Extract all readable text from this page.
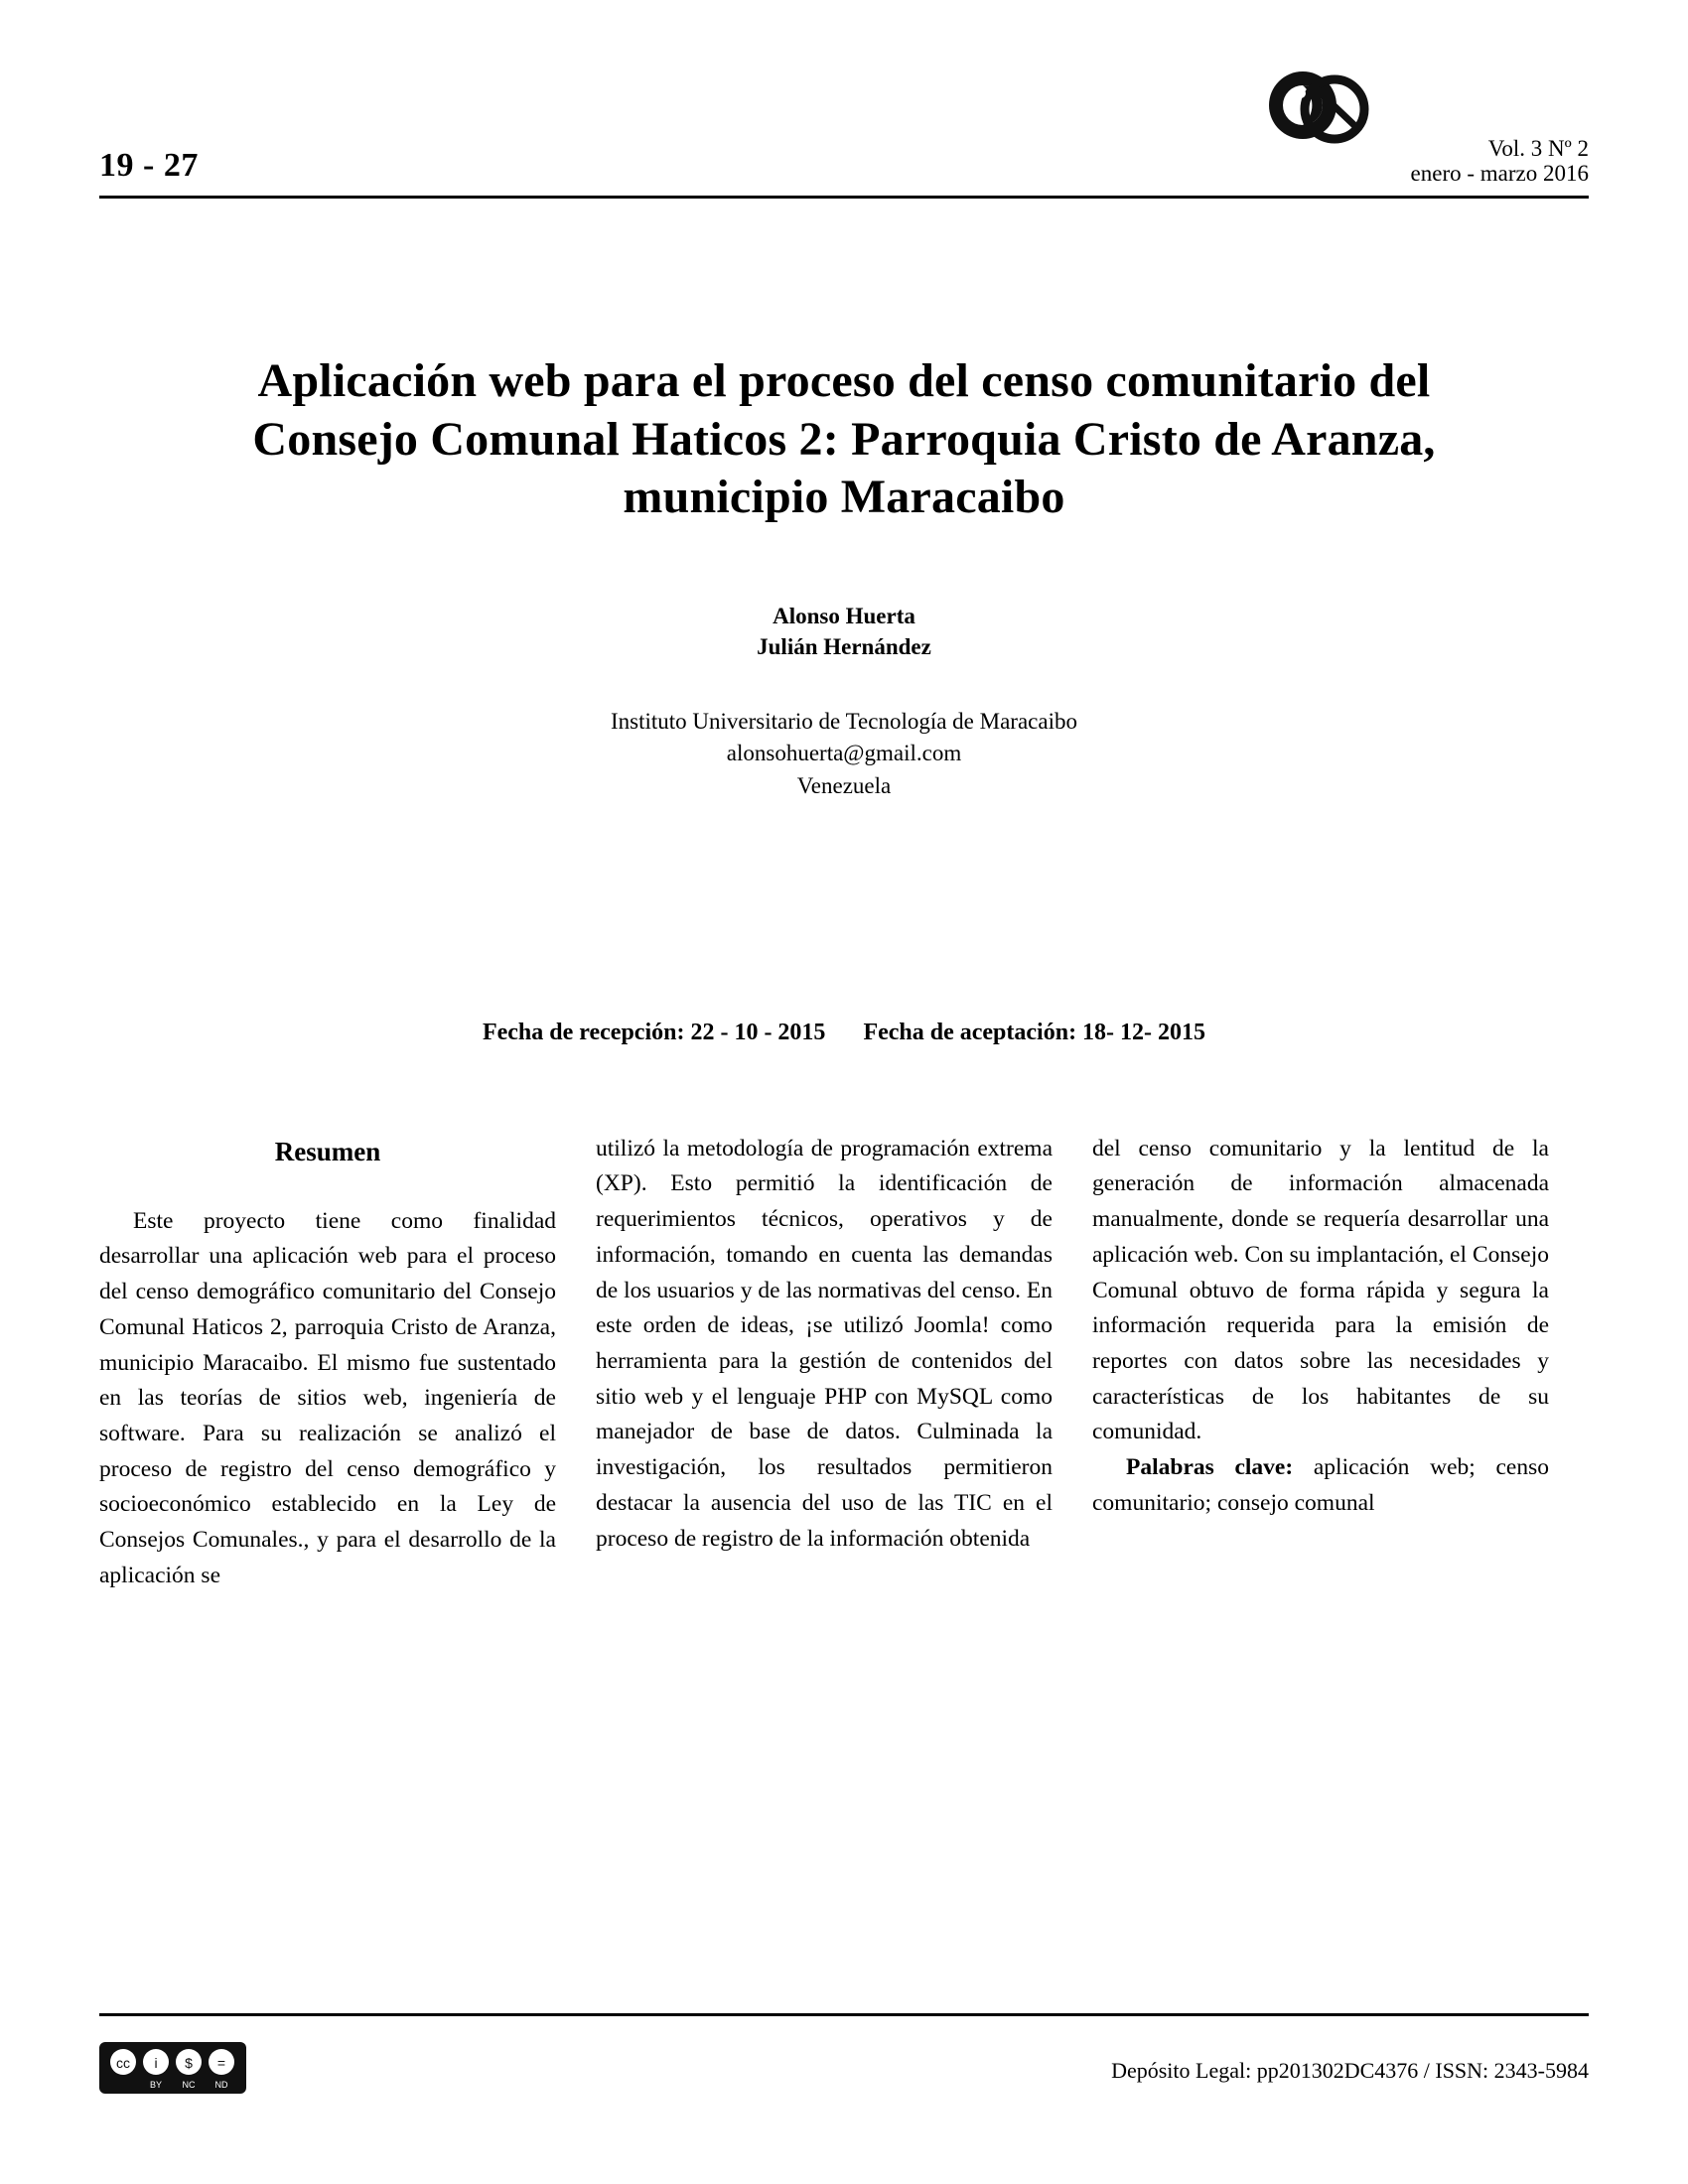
19 - 27	Vol. 3 Nº 2
enero - marzo 2016
Aplicación web para el proceso del censo comunitario del Consejo Comunal Haticos 2: Parroquia Cristo de Aranza, municipio Maracaibo
Alonso Huerta
Julián Hernández
Instituto Universitario de Tecnología de Maracaibo
alonsohuerta@gmail.com
Venezuela
Fecha de recepción: 22 - 10 - 2015 Fecha de aceptación: 18- 12- 2015
Resumen

Este proyecto tiene como finalidad desarrollar una aplicación web para el proceso del censo demográfico comunitario del Consejo Comunal Haticos 2, parroquia Cristo de Aranza, municipio Maracaibo. El mismo fue sustentado en las teorías de sitios web, ingeniería de software. Para su realización se analizó el proceso de registro del censo demográfico y socioeconómico establecido en la Ley de Consejos Comunales., y para el desarrollo de la aplicación se

utilizó la metodología de programación extrema (XP). Esto permitió la identificación de requerimientos técnicos, operativos y de información, tomando en cuenta las demandas de los usuarios y de las normativas del censo. En este orden de ideas, ¡se utilizó Joomla! como herramienta para la gestión de contenidos del sitio web y el lenguaje PHP con MySQL como manejador de base de datos. Culminada la investigación, los resultados permitieron destacar la ausencia del uso de las TIC en el proceso de registro de la información obtenida

del censo comunitario y la lentitud de la generación de información almacenada manualmente, donde se requería desarrollar una aplicación web. Con su implantación, el Consejo Comunal obtuvo de forma rápida y segura la información requerida para la emisión de reportes con datos sobre las necesidades y características de los habitantes de su comunidad.

Palabras clave: aplicación web; censo comunitario; consejo comunal

cc i $ =
BY NC ND
Depósito Legal: pp201302DC4376 / ISSN: 2343-5984
